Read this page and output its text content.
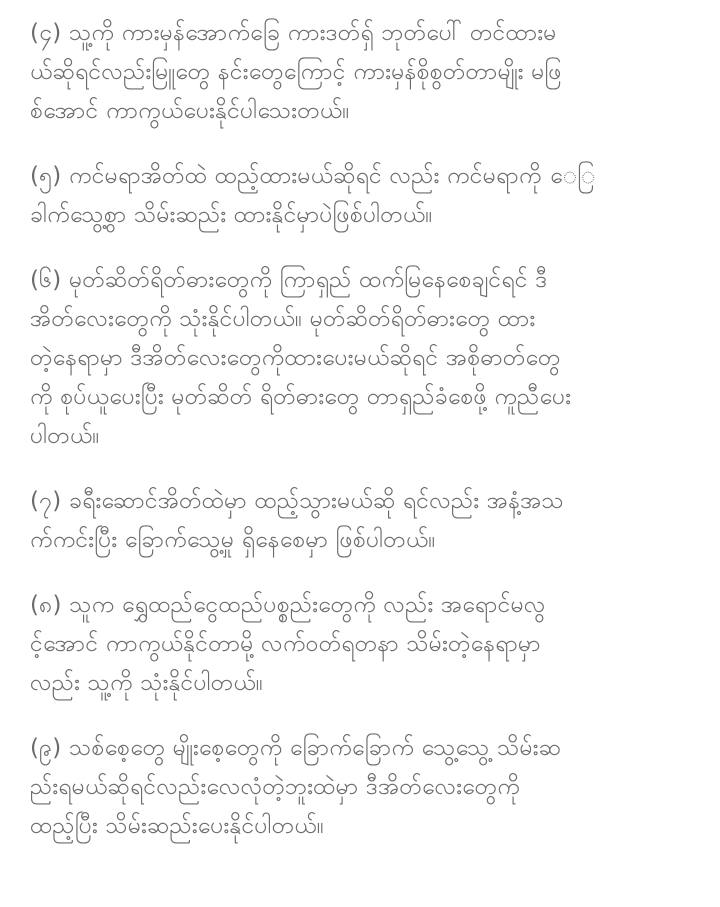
(၄) သူ့ကို ကားမှန်အောက်ခြေ ကားဒတ်ရှ် ဘုတ်ပေါ် တင်ထားမ
ယ်ဆိုရင်လည်းမြူတွေ နင်းတွေကြောင့် ကားမှန်စိုစွတ်တာမျိုး မဖြ
စ်အောင် ကာကွယ်ပေးနိုင်ပါသေးတယ်။
(၅) ကင်မရာအိတ်ထဲ ထည့်ထားမယ်ဆိုရင် လည်း ကင်မရာကို ေြ
ခါက်သွေ့စွာ သိမ်းဆည်း ထားနိုင်မှာပဲဖြစ်ပါတယ်။
(၆) မုတ်ဆိတ်ရိတ်ဓားတွေကို ကြာရှည် ထက်မြနေစေချင်ရင် ဒီ
အိတ်လေးတွေကို သုံးနိုင်ပါတယ်။ မုတ်ဆိတ်ရိတ်ဓားတွေ ထား
တဲ့နေရာမှာ ဒီအိတ်လေးတွေကိုထားပေးမယ်ဆိုရင် အစိုဓာတ်တွေ
ကို စုပ်ယူပေးပြီး မုတ်ဆိတ် ရိတ်ဓားတွေ တာရှည်ခံစေဖို့ ကူညီပေး
ပါတယ်။
(၇) ခရီးဆောင်အိတ်ထဲမှာ ထည့်သွားမယ်ဆို ရင်လည်း အနံ့အသ
က်ကင်းပြီး ခြောက်သွေ့မှု ရှိနေစေမှာ ဖြစ်ပါတယ်။
(၈) သူက ရွှေထည်ငွေထည်ပစ္စည်းတွေကို လည်း အရောင်မလွ
င့်အောင် ကာကွယ်နိုင်တာမို့ လက်ဝတ်ရတနာ သိမ်းတဲ့နေရာမှာ
လည်း သူ့ကို သုံးနိုင်ပါတယ်။
(၉) သစ်စေ့တွေ မျိုးစေ့တွေကို ခြောက်ခြောက် သွေ့သွေ့ သိမ်းဆ
ည်းရမယ်ဆိုရင်လည်းလေလုံတဲ့ဘူးထဲမှာ ဒီအိတ်လေးတွေကို
ထည့်ပြီး သိမ်းဆည်းပေးနိုင်ပါတယ်။
